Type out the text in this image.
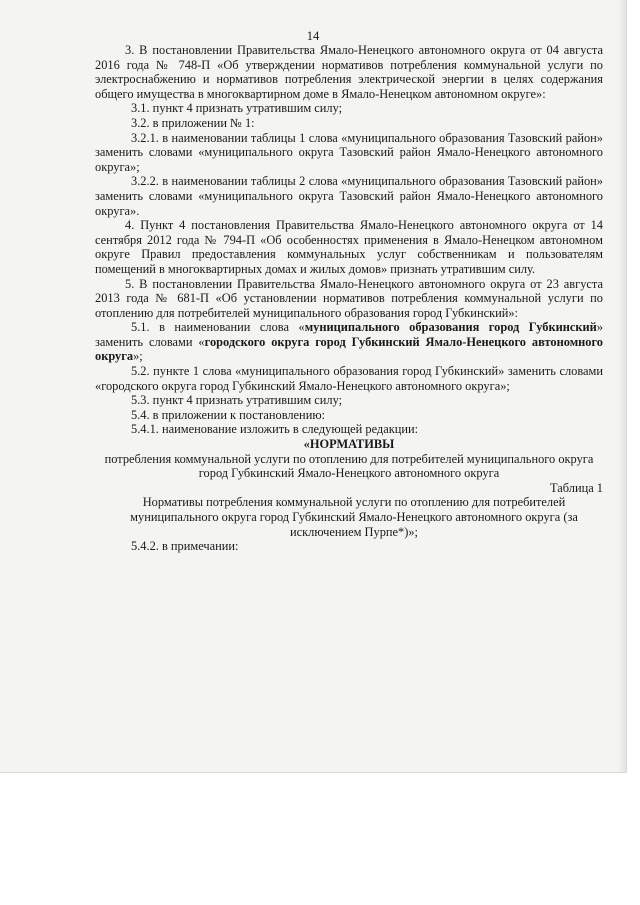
14

3. В постановлении Правительства Ямало-Ненецкого автономного округа от 04 августа 2016 года № 748-П «Об утверждении нормативов потребления коммунальной услуги по электроснабжению и нормативов потребления электрической энергии в целях содержания общего имущества в многоквартирном доме в Ямало-Ненецком автономном округе»:

3.1. пункт 4 признать утратившим силу;

3.2. в приложении № 1:

3.2.1. в наименовании таблицы 1 слова «муниципального образования Тазовский район» заменить словами «муниципального округа Тазовский район Ямало-Ненецкого автономного округа»;

3.2.2. в наименовании таблицы 2 слова «муниципального образования Тазовский район» заменить словами «муниципального округа Тазовский район Ямало-Ненецкого автономного округа».

4. Пункт 4 постановления Правительства Ямало-Ненецкого автономного округа от 14 сентября 2012 года № 794-П «Об особенностях применения в Ямало-Ненецком автономном округе Правил предоставления коммунальных услуг собственникам и пользователям помещений в многоквартирных домах и жилых домов» признать утратившим силу.

5. В постановлении Правительства Ямало-Ненецкого автономного округа от 23 августа 2013 года № 681-П «Об установлении нормативов потребления коммунальной услуги по отоплению для потребителей муниципального образования город Губкинский»:

5.1. в наименовании слова «муниципального образования город Губкинский» заменить словами «городского округа город Губкинский Ямало-Ненецкого автономного округа»;

5.2. пункте 1 слова «муниципального образования город Губкинский» заменить словами «городского округа город Губкинский Ямало-Ненецкого автономного округа»;

5.3. пункт 4 признать утратившим силу;

5.4. в приложении к постановлению:

5.4.1. наименование изложить в следующей редакции:

«НОРМАТИВЫ

потребления коммунальной услуги по отоплению для потребителей муниципального округа город Губкинский Ямало-Ненецкого автономного округа

Таблица 1

Нормативы потребления коммунальной услуги по отоплению для потребителей муниципального округа город Губкинский Ямало-Ненецкого автономного округа (за исключением Пурпе*)»;

5.4.2. в примечании:
